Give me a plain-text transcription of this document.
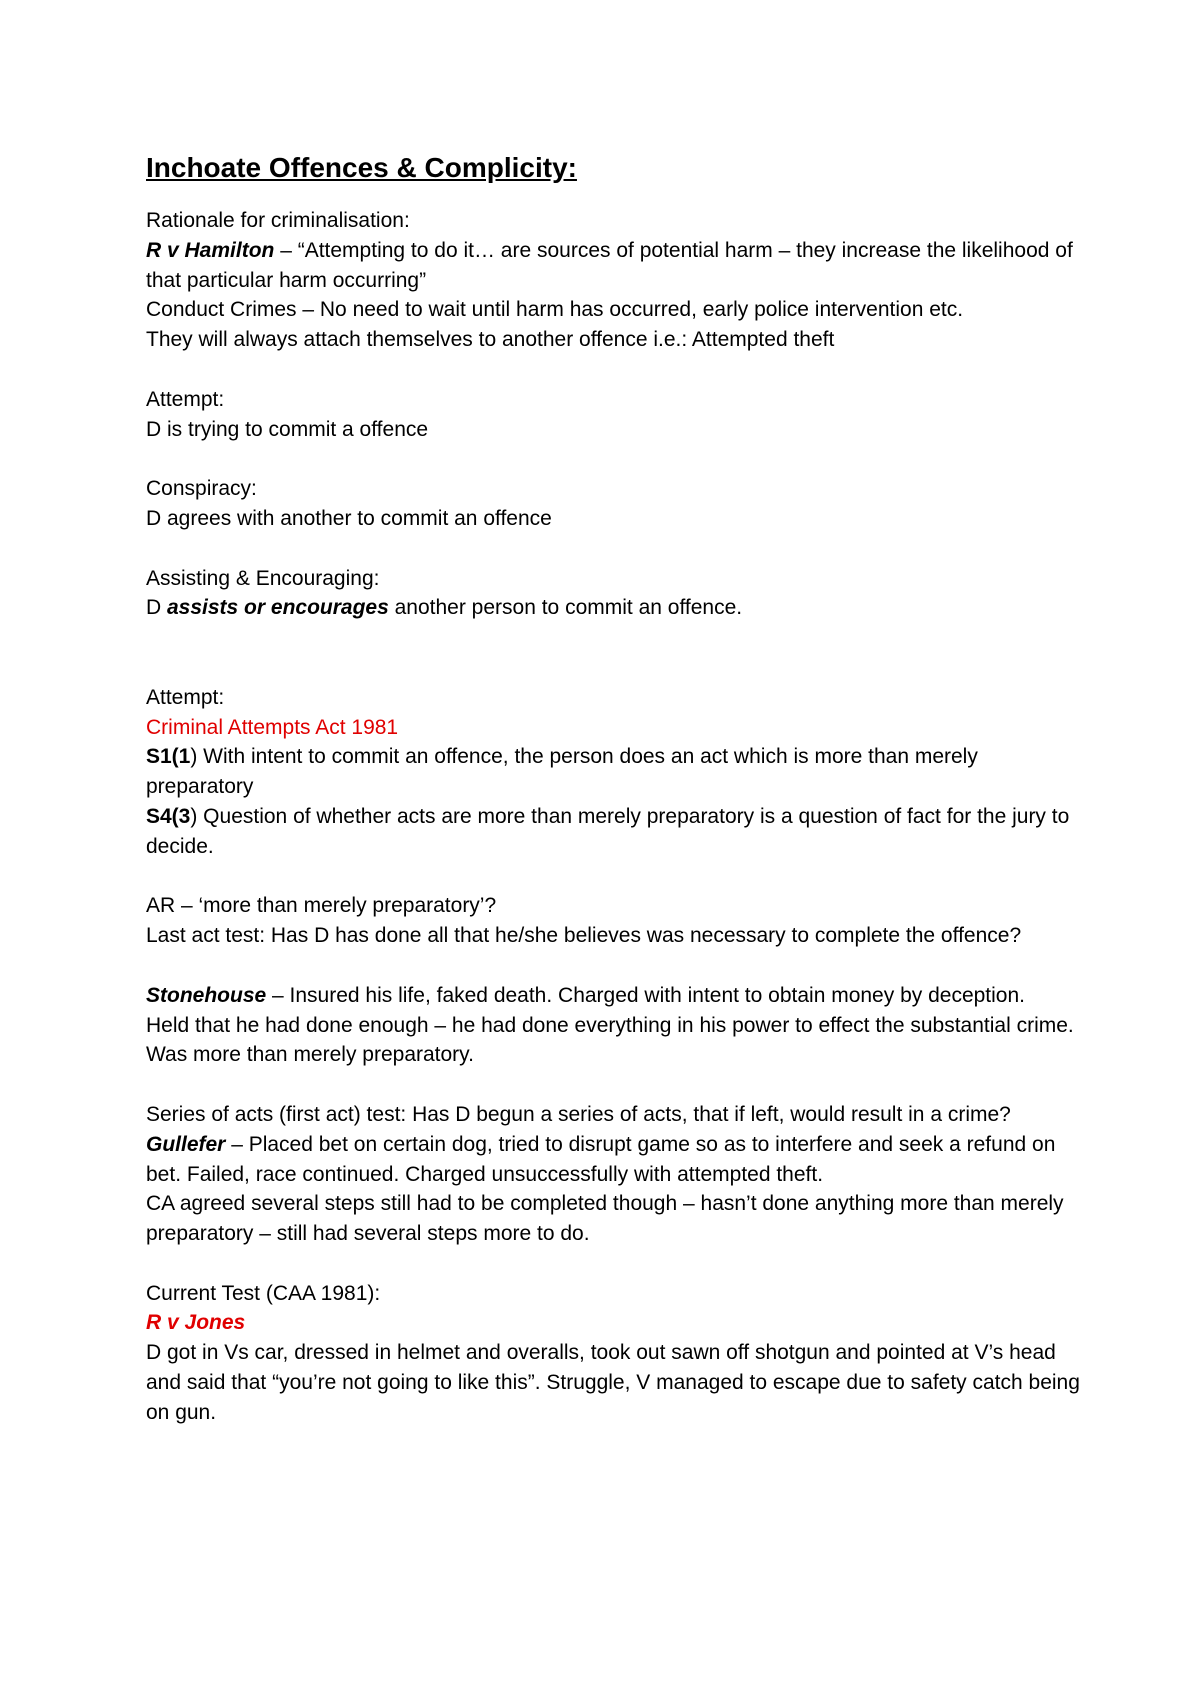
Inchoate Offences & Complicity:

Rationale for criminalisation:

R v Hamilton – “Attempting to do it… are sources of potential harm – they increase the likelihood of that particular harm occurring”

Conduct Crimes – No need to wait until harm has occurred, early police intervention etc.

They will always attach themselves to another offence i.e.: Attempted theft

Attempt:

D is trying to commit a offence

Conspiracy:

D agrees with another to commit an offence

Assisting & Encouraging:

D assists or encourages another person to commit an offence.

Attempt:

Criminal Attempts Act 1981

S1(1) With intent to commit an offence, the person does an act which is more than merely preparatory

S4(3) Question of whether acts are more than merely preparatory is a question of fact for the jury to decide.

AR – ‘more than merely preparatory’?

Last act test: Has D has done all that he/she believes was necessary to complete the offence?

Stonehouse – Insured his life, faked death. Charged with intent to obtain money by deception.

Held that he had done enough – he had done everything in his power to effect the substantial crime. Was more than merely preparatory.

Series of acts (first act) test: Has D begun a series of acts, that if left, would result in a crime?

Gullefer – Placed bet on certain dog, tried to disrupt game so as to interfere and seek a refund on bet. Failed, race continued. Charged unsuccessfully with attempted theft.

CA agreed several steps still had to be completed though – hasn’t done anything more than merely preparatory – still had several steps more to do.

Current Test (CAA 1981):

R v Jones

D got in Vs car, dressed in helmet and overalls, took out sawn off shotgun and pointed at V’s head and said that “you’re not going to like this”. Struggle, V managed to escape due to safety catch being on gun.
